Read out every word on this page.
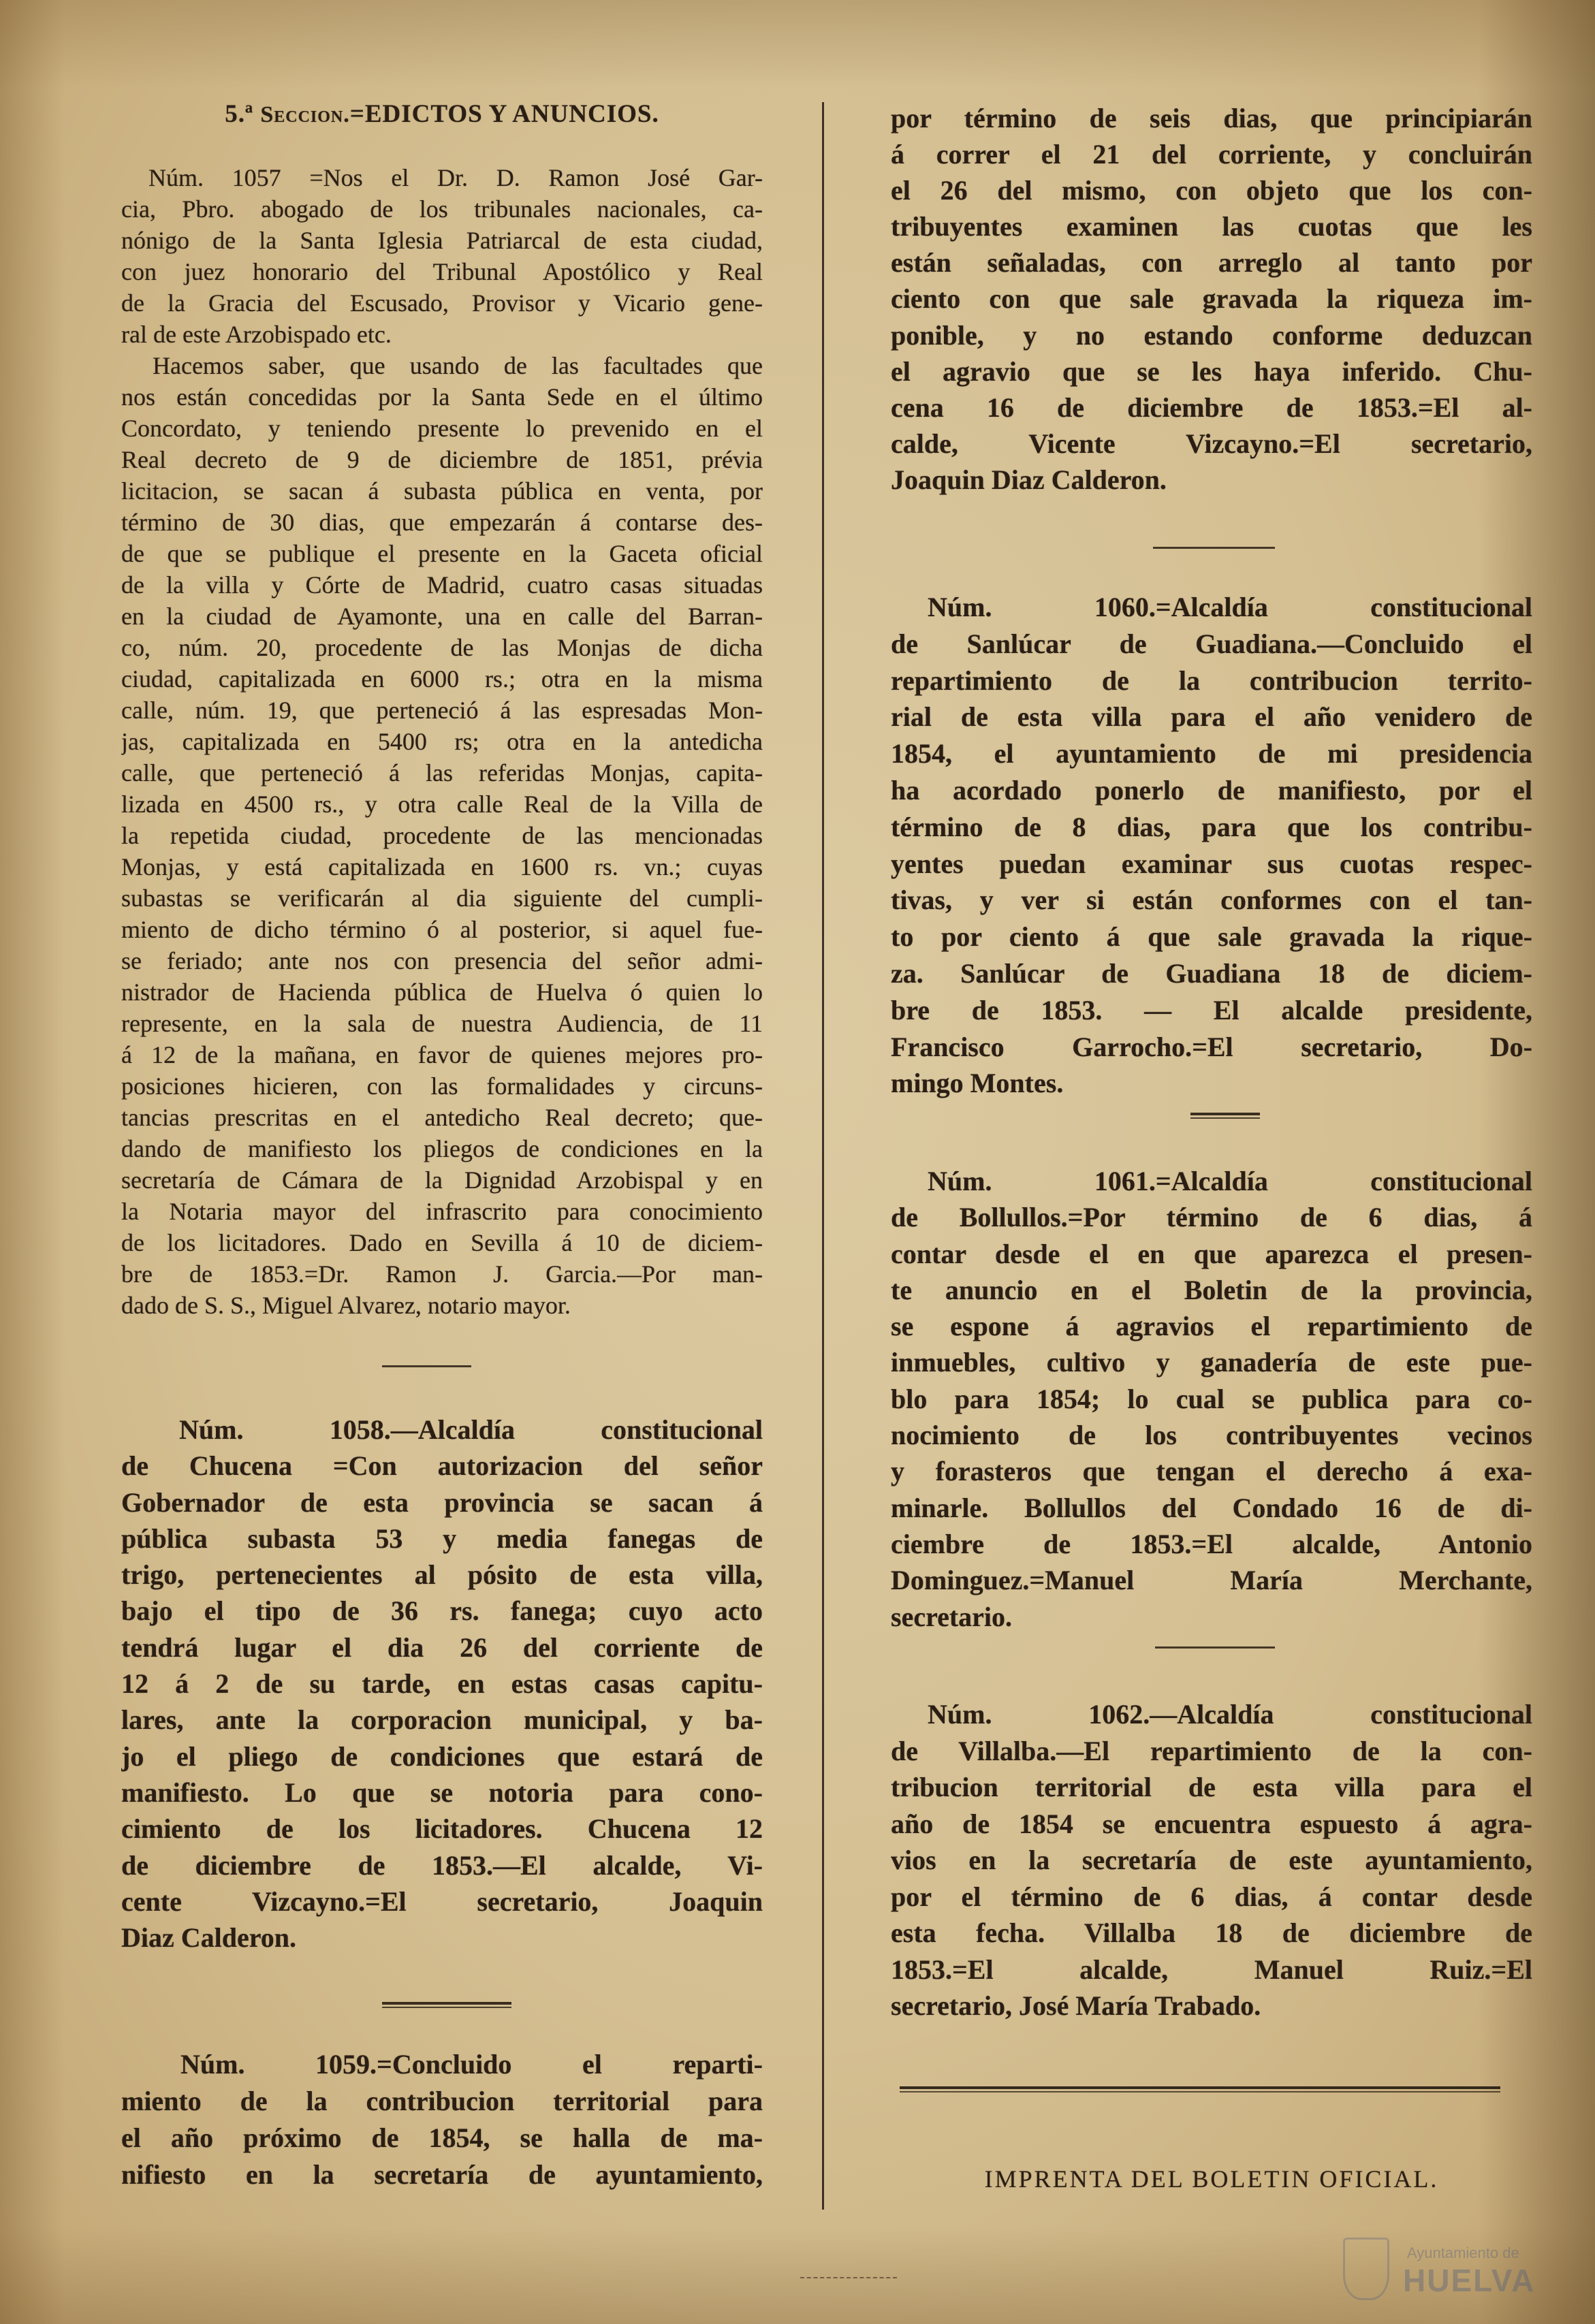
5.ª Seccion.=EDICTOS Y ANUNCIOS.
Núm. 1057 =Nos el Dr. D. Ramon José Gar-
cia, Pbro. abogado de los tribunales nacionales, ca-
nónigo de la Santa Iglesia Patriarcal de esta ciudad,
con juez honorario del Tribunal Apostólico y Real
de la Gracia del Escusado, Provisor y Vicario gene-
ral de este Arzobispado etc.
Hacemos saber, que usando de las facultades que
nos están concedidas por la Santa Sede en el último
Concordato, y teniendo presente lo prevenido en el
Real decreto de 9 de diciembre de 1851, prévia
licitacion, se sacan á subasta pública en venta, por
término de 30 dias, que empezarán á contarse des-
de que se publique el presente en la Gaceta oficial
de la villa y Córte de Madrid, cuatro casas situadas
en la ciudad de Ayamonte, una en calle del Barran-
co, núm. 20, procedente de las Monjas de dicha
ciudad, capitalizada en 6000 rs.; otra en la misma
calle, núm. 19, que perteneció á las espresadas Mon-
jas, capitalizada en 5400 rs; otra en la antedicha
calle, que perteneció á las referidas Monjas, capita-
lizada en 4500 rs., y otra calle Real de la Villa de
la repetida ciudad, procedente de las mencionadas
Monjas, y está capitalizada en 1600 rs. vn.; cuyas
subastas se verificarán al dia siguiente del cumpli-
miento de dicho término ó al posterior, si aquel fue-
se feriado; ante nos con presencia del señor admi-
nistrador de Hacienda pública de Huelva ó quien lo
represente, en la sala de nuestra Audiencia, de 11
á 12 de la mañana, en favor de quienes mejores pro-
posiciones hicieren, con las formalidades y circuns-
tancias prescritas en el antedicho Real decreto; que-
dando de manifiesto los pliegos de condiciones en la
secretaría de Cámara de la Dignidad Arzobispal y en
la Notaria mayor del infrascrito para conocimiento
de los licitadores. Dado en Sevilla á 10 de diciem-
bre de 1853.=Dr. Ramon J. Garcia.—Por man-
dado de S. S., Miguel Alvarez, notario mayor.
Núm. 1058.—Alcaldía constitucional
de Chucena =Con autorizacion del señor
Gobernador de esta provincia se sacan á
pública subasta 53 y media fanegas de
trigo, pertenecientes al pósito de esta villa,
bajo el tipo de 36 rs. fanega; cuyo acto
tendrá lugar el dia 26 del corriente de
12 á 2 de su tarde, en estas casas capitu-
lares, ante la corporacion municipal, y ba-
jo el pliego de condiciones que estará de
manifiesto. Lo que se notoria para cono-
cimiento de los licitadores. Chucena 12
de diciembre de 1853.—El alcalde, Vi-
cente Vizcayno.=El secretario, Joaquin
Diaz Calderon.
Núm. 1059.=Concluido el reparti-
miento de la contribucion territorial para
el año próximo de 1854, se halla de ma-
nifiesto en la secretaría de ayuntamiento,
por término de seis dias, que principiarán
á correr el 21 del corriente, y concluirán
el 26 del mismo, con objeto que los con-
tribuyentes examinen las cuotas que les
están señaladas, con arreglo al tanto por
ciento con que sale gravada la riqueza im-
ponible, y no estando conforme deduzcan
el agravio que se les haya inferido. Chu-
cena 16 de diciembre de 1853.=El al-
calde, Vicente Vizcayno.=El secretario,
Joaquin Diaz Calderon.
Núm. 1060.=Alcaldía constitucional
de Sanlúcar de Guadiana.—Concluido el
repartimiento de la contribucion territo-
rial de esta villa para el año venidero de
1854, el ayuntamiento de mi presidencia
ha acordado ponerlo de manifiesto, por el
término de 8 dias, para que los contribu-
yentes puedan examinar sus cuotas respec-
tivas, y ver si están conformes con el tan-
to por ciento á que sale gravada la rique-
za. Sanlúcar de Guadiana 18 de diciem-
bre de 1853. — El alcalde presidente,
Francisco Garrocho.=El secretario, Do-
mingo Montes.
Núm. 1061.=Alcaldía constitucional
de Bollullos.=Por término de 6 dias, á
contar desde el en que aparezca el presen-
te anuncio en el Boletin de la provincia,
se espone á agravios el repartimiento de
inmuebles, cultivo y ganadería de este pue-
blo para 1854; lo cual se publica para co-
nocimiento de los contribuyentes vecinos
y forasteros que tengan el derecho á exa-
minarle. Bollullos del Condado 16 de di-
ciembre de 1853.=El alcalde, Antonio
Dominguez.=Manuel María Merchante,
secretario.
Núm. 1062.—Alcaldía constitucional
de Villalba.—El repartimiento de la con-
tribucion territorial de esta villa para el
año de 1854 se encuentra espuesto á agra-
vios en la secretaría de este ayuntamiento,
por el término de 6 dias, á contar desde
esta fecha. Villalba 18 de diciembre de
1853.=El alcalde, Manuel Ruiz.=El
secretario, José María Trabado.
IMPRENTA DEL BOLETIN OFICIAL.
Ayuntamiento de
HUELVA
